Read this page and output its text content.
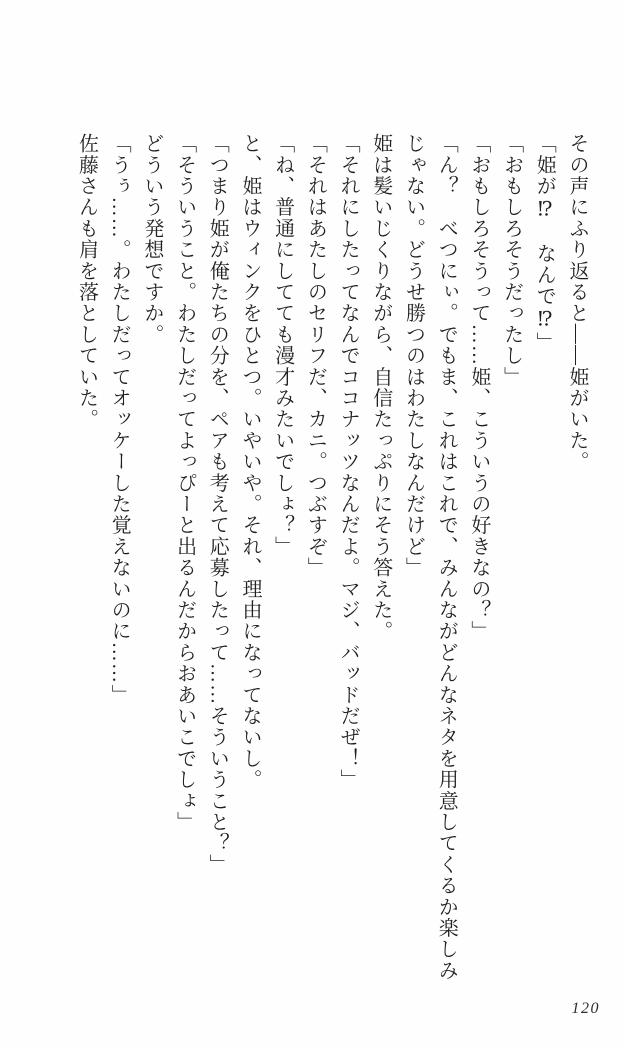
その声にふり返ると――姫がいた。

「姫が⁉　なんで⁉」

「おもしろそうだったし」

「おもしろそうって……姫、こういうの好きなの？」

「ん？　べつにぃ。でもま、これはこれで、みんながどんなネタを用意してくるか楽しみ

じゃない。どうせ勝つのはわたしなんだけど」

姫は髪いじくりながら、自信たっぷりにそう答えた。

「それにしたってなんでココナッツなんだよ。マジ、バッドだぜ！」

「それはあたしのセリフだ、カニ。つぶすぞ」

「ね、普通にしてても漫才みたいでしょ？」

と、姫はウィンクをひとつ。いやいや。それ、理由になってないし。

「つまり姫が俺たちの分を、ペアも考えて応募したって……そういうこと？」

「そういうこと。わたしだってよっぴーと出るんだからおあいこでしょ」

どういう発想ですか。

「うぅ……。わたしだってオッケーした覚えないのに……」

佐藤さんも肩を落としていた。

120
